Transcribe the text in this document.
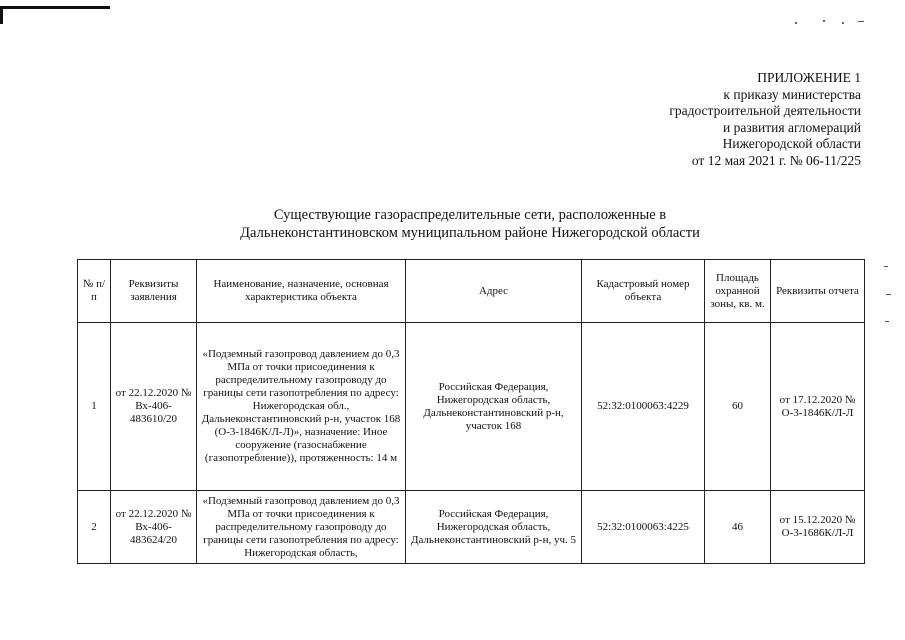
ПРИЛОЖЕНИЕ 1
к приказу министерства
градостроительной деятельности
и развития агломераций
Нижегородской области
от 12 мая 2021 г. № 06-11/225
Существующие газораспределительные сети, расположенные в
Дальнеконстантиновском муниципальном районе Нижегородской области
№ п/п	Реквизиты заявления	Наименование, назначение, основная характеристика объекта	Адрес	Кадастровый номер объекта	Площадь охранной зоны, кв. м.	Реквизиты отчета
1	от 22.12.2020 № Вх-406-483610/20	«Подземный газопровод давлением до 0,3 МПа от точки присоединения к распределительному газопроводу до границы сети газопотребления по адресу: Нижегородская обл., Дальнеконстантиновский р-н, участок 168 (О-3-1846К/Л-Л)», назначение: Иное сооружение (газоснабжение (газопотребление)), протяженность: 14 м	Российская Федерация, Нижегородская область, Дальнеконстантиновский р-н, участок 168	52:32:0100063:4229	60	от 17.12.2020 № О-3-1846К/Л-Л
2	от 22.12.2020 № Вх-406-483624/20	«Подземный газопровод давлением до 0,3 МПа от точки присоединения к распределительному газопроводу до границы сети газопотребления по адресу: Нижегородская область,	Российская Федерация, Нижегородская область, Дальнеконстантиновский р-н, уч. 5	52:32:0100063:4225	46	от 15.12.2020 № О-3-1686К/Л-Л
